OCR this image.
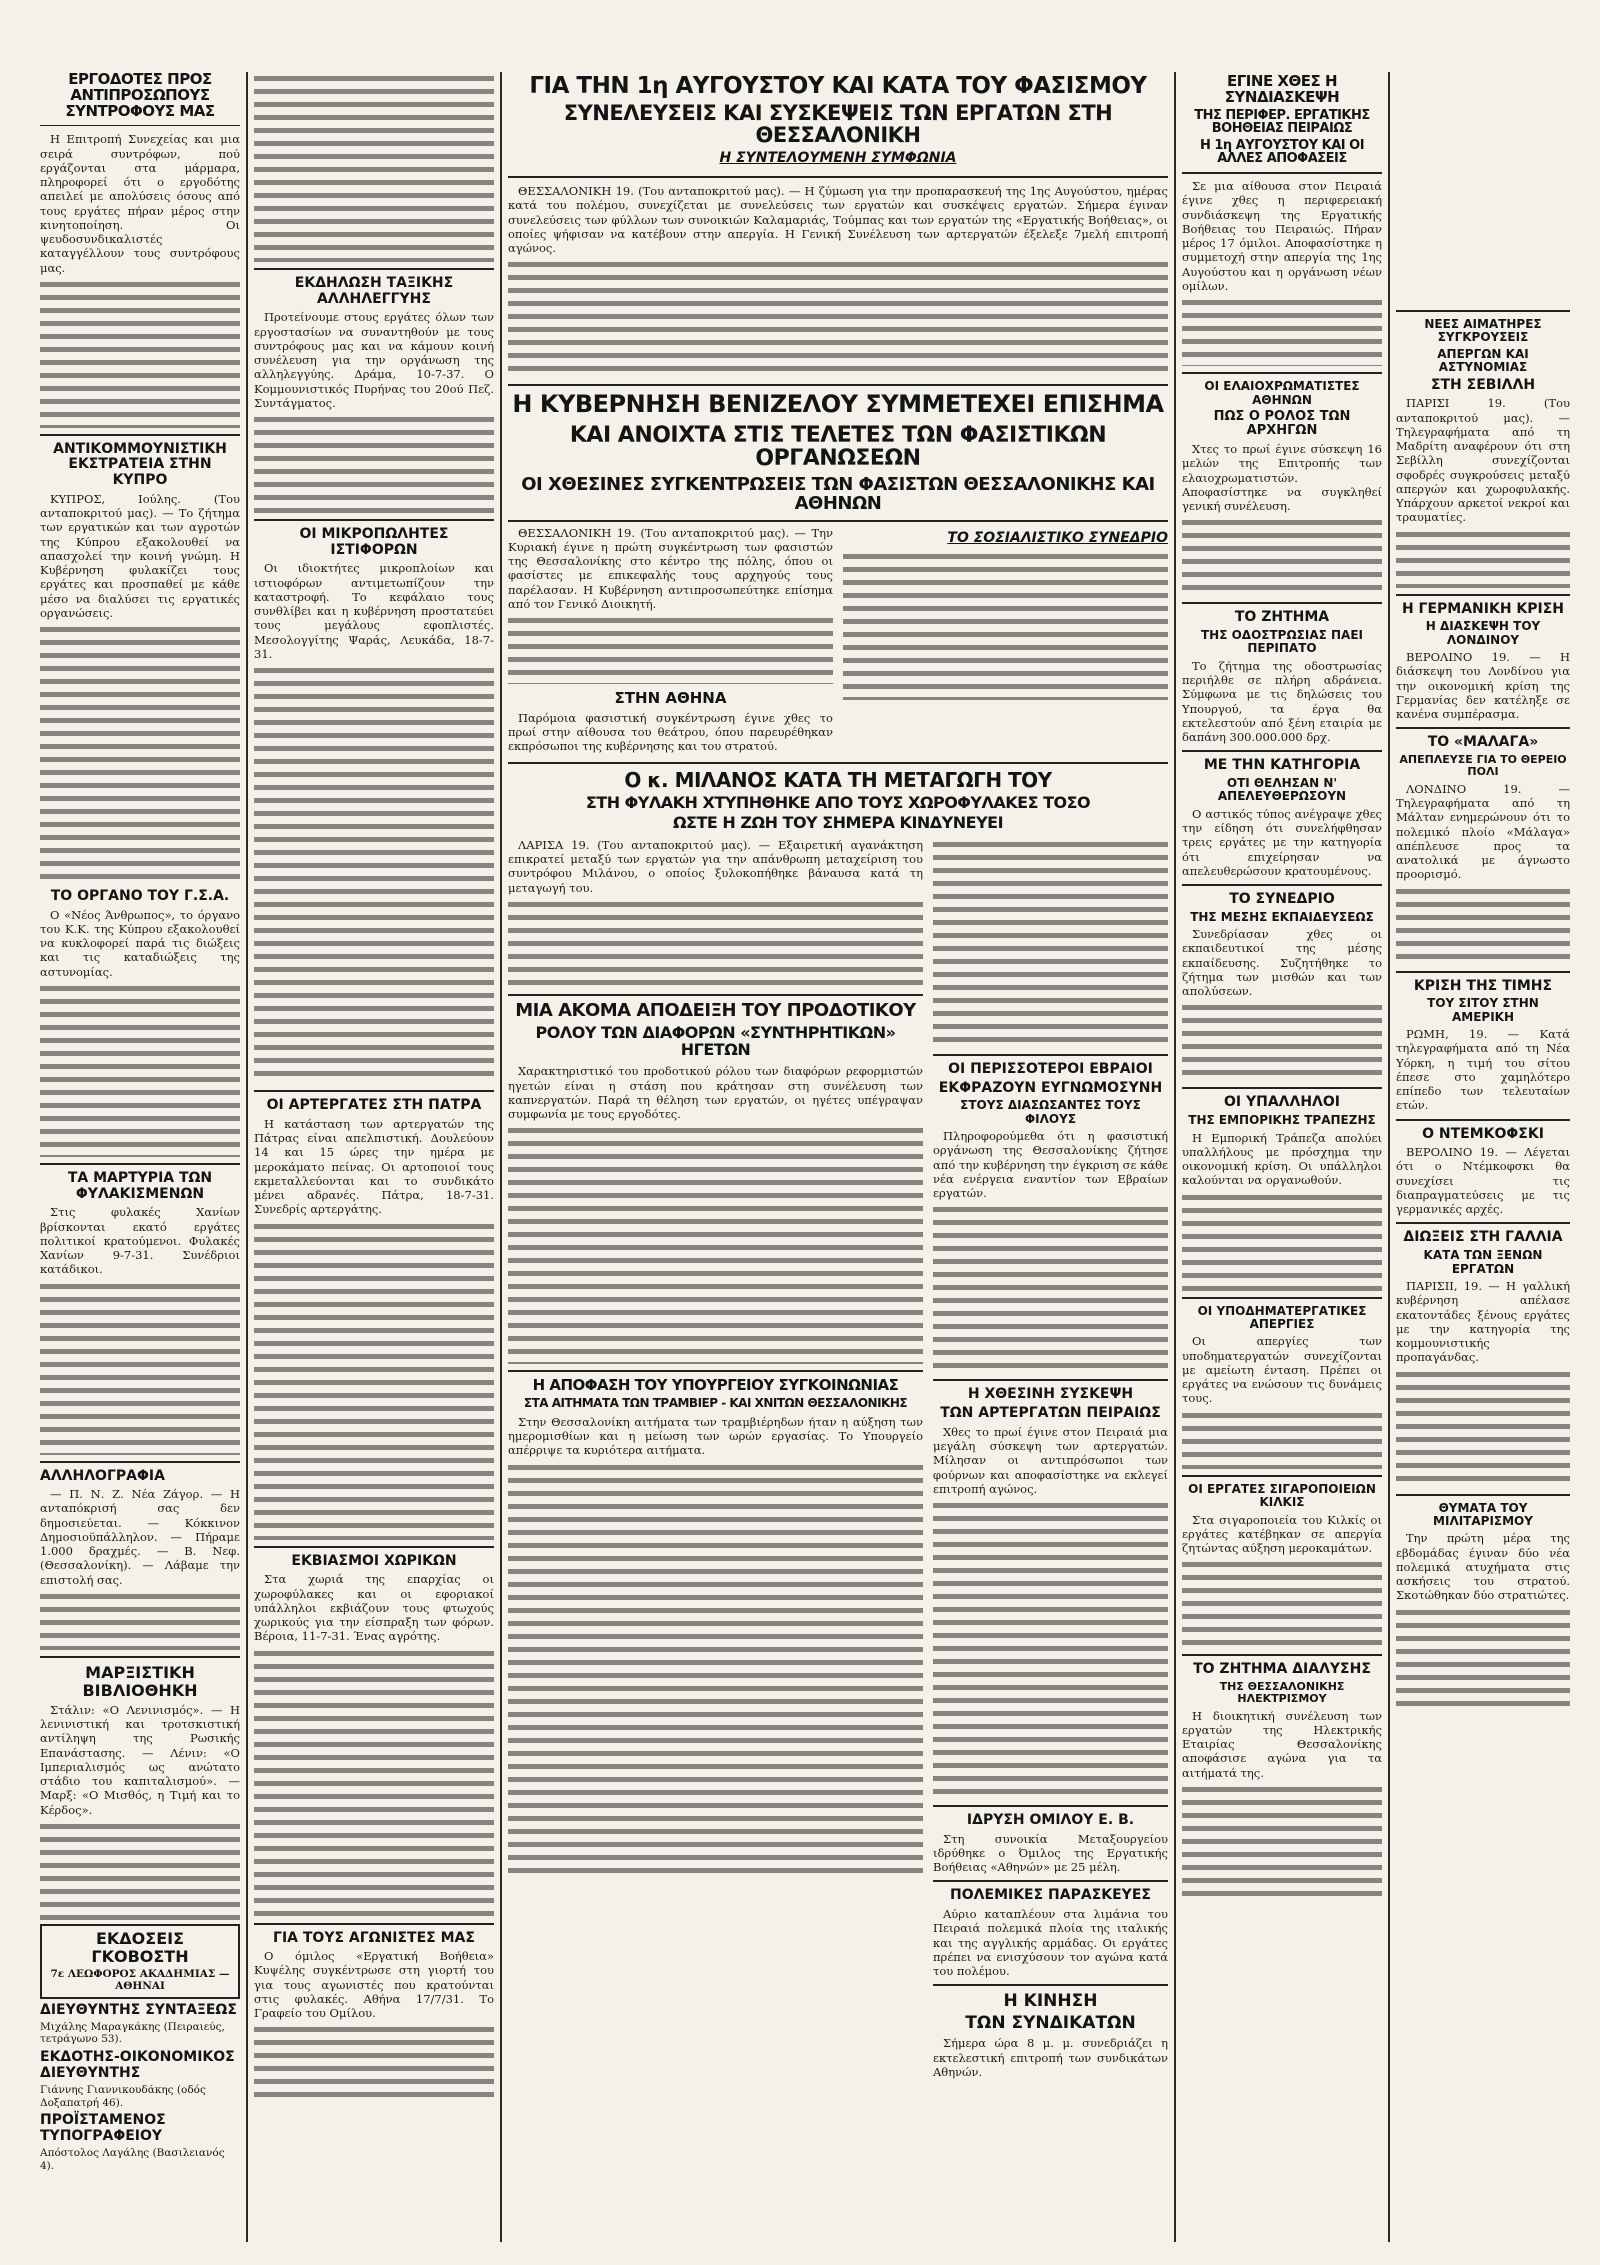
ΕΡΓΟΔΟΤΕΣ ΠΡΟΣ ΑΝΤΙΠΡΟΣΩΠΟΥΣ ΣΥΝΤΡΟΦΟΥΣ ΜΑΣ

Η Επιτροπή Συνεχείας και μια σειρά συντρόφων, πού εργάζονται στα μάρμαρα, πληροφορεί ότι ο εργοδότης απειλεί με απολύσεις όσους από τους εργάτες πήραν μέρος στην κινητοποίηση. Οι ψευδοσυνδικαλιστές καταγγέλλουν τους συντρόφους μας.

ΑΝΤΙΚΟΜΜΟΥΝΙΣΤΙΚΗ ΕΚΣΤΡΑΤΕΙΑ ΣΤΗΝ ΚΥΠΡΟ

ΚΥΠΡΟΣ, Ιούλης. (Του ανταποκριτού μας). — Το ζήτημα των εργατικών και των αγροτών της Κύπρου εξακολουθεί να απασχολεί την κοινή γνώμη. Η Κυβέρνηση φυλακίζει τους εργάτες και προσπαθεί με κάθε μέσο να διαλύσει τις εργατικές οργανώσεις.

ΤΟ ΟΡΓΑΝΟ ΤΟΥ Γ.Σ.Α.

Ο «Νέος Άνθρωπος», το όργανο του Κ.Κ. της Κύπρου εξακολουθεί να κυκλοφορεί παρά τις διώξεις και τις καταδιώξεις της αστυνομίας.

ΤΑ ΜΑΡΤΥΡΙΑ ΤΩΝ ΦΥΛΑΚΙΣΜΕΝΩΝ

Στις φυλακές Χανίων βρίσκονται εκατό εργάτες πολιτικοί κρατούμενοι. Φυλακές Χανίων 9-7-31. Συνέδριοι κατάδικοι.

ΑΛΛΗΛΟΓΡΑΦΙΑ

— Π. Ν. Ζ. Νέα Ζάγορ. — Η ανταπόκρισή σας δεν δημοσιεύεται. — Κόκκινον Δημοσιοϋπάλληλον. — Πήραμε 1.000 δραχμές. — Β. Νεφ. (Θεσσαλονίκη). — Λάβαμε την επιστολή σας.

ΜΑΡΞΙΣΤΙΚΗ ΒΙΒΛΙΟΘΗΚΗ

Στάλιν: «Ο Λενινισμός». — Η λενινιστική και τροτσκιστική αντίληψη της Ρωσικής Επανάστασης. — Λένιν: «Ο Ιμπεριαλισμός ως ανώτατο στάδιο του καπιταλισμού». — Μαρξ: «Ο Μισθός, η Τιμή και το Κέρδος».

ΕΚΔΟΣΕΙΣ ΓΚΟΒΟΣΤΗ
7ε ΛΕΩΦΟΡΟΣ ΑΚΑΔΗΜΙΑΣ — ΑΘΗΝΑΙ
ΔΙΕΥΘΥΝΤΗΣ ΣΥΝΤΑΞΕΩΣ
Μιχάλης Μαραγκάκης (Πειραιεύς, τετράγωνο 53).
ΕΚΔΟΤΗΣ-ΟΙΚΟΝΟΜΙΚΟΣ ΔΙΕΥΘΥΝΤΗΣ
Γιάννης Γιαννικουδάκης (οδός Δοξαπατρή 46).
ΠΡΟΪΣΤΑΜΕΝΟΣ ΤΥΠΟΓΡΑΦΕΙΟΥ
Απόστολος Λαγάλης (Βασιλειανός 4).
ΕΚΔΗΛΩΣΗ ΤΑΞΙΚΗΣ ΑΛΛΗΛΕΓΓΥΗΣ

Προτείνουμε στους εργάτες όλων των εργοστασίων να συναντηθούν με τους συντρόφους μας και να κάμουν κοινή συνέλευση για την οργάνωση της αλληλεγγύης. Δράμα, 10-7-37. Ο Κομμουνιστικός Πυρήνας του 20ού Πεζ. Συντάγματος.

ΟΙ ΜΙΚΡΟΠΩΛΗΤΕΣ ΙΣΤΙΦΟΡΩΝ

Οι ιδιοκτήτες μικροπλοίων και ιστιοφόρων αντιμετωπίζουν την καταστροφή. Το κεφάλαιο τους συνθλίβει και η κυβέρνηση προστατεύει τους μεγάλους εφοπλιστές. Μεσολογγίτης Ψαράς, Λευκάδα, 18-7-31.

ΟΙ ΑΡΤΕΡΓΑΤΕΣ ΣΤΗ ΠΑΤΡΑ

Η κατάσταση των αρτεργατών της Πάτρας είναι απελπιστική. Δουλεύουν 14 και 15 ώρες την ημέρα με μεροκάματο πείνας. Οι αρτοποιοί τους εκμεταλλεύονται και το συνδικάτο μένει αδρανές. Πάτρα, 18-7-31. Συνεδρίς αρτεργάτης.

ΕΚΒΙΑΣΜΟΙ ΧΩΡΙΚΩΝ

Στα χωριά της επαρχίας οι χωροφύλακες και οι εφοριακοί υπάλληλοι εκβιάζουν τους φτωχούς χωρικούς για την είσπραξη των φόρων. Βέροια, 11-7-31. Ένας αγρότης.

ΓΙΑ ΤΟΥΣ ΑΓΩΝΙΣΤΕΣ ΜΑΣ

Ο όμιλος «Εργατική Βοήθεια» Κυψέλης συγκέντρωσε στη γιορτή του για τους αγωνιστές που κρατούνται στις φυλακές. Αθήνα 17/7/31. Το Γραφείο του Ομίλου.

ΓΙΑ ΤΗΝ 1η ΑΥΓΟΥΣΤΟΥ ΚΑΙ ΚΑΤΑ ΤΟΥ ΦΑΣΙΣΜΟΥ
ΣΥΝΕΛΕΥΣΕΙΣ ΚΑΙ ΣΥΣΚΕΨΕΙΣ ΤΩΝ ΕΡΓΑΤΩΝ ΣΤΗ ΘΕΣΣΑΛΟΝΙΚΗ
Η ΣΥΝΤΕΛΟΥΜΕΝΗ ΣΥΜΦΩΝΙΑ

ΘΕΣΣΑΛΟΝΙΚΗ 19. (Του ανταποκριτού μας). — Η ζύμωση για την προπαρασκευή της 1ης Αυγούστου, ημέρας κατά του πολέμου, συνεχίζεται με συνελεύσεις των εργατών και συσκέψεις εργατών. Σήμερα έγιναν συνελεύσεις των φύλλων των συνοικιών Καλαμαριάς, Τούμπας και των εργατών της «Εργατικής Βοήθειας», οι οποίες ψήφισαν να κατέβουν στην απεργία. Η Γενική Συνέλευση των αρτεργατών έξελεξε 7μελή επιτροπή αγώνος.

Η ΚΥΒΕΡΝΗΣΗ ΒΕΝΙΖΕΛΟΥ ΣΥΜΜΕΤΕΧΕΙ ΕΠΙΣΗΜΑ
ΚΑΙ ΑΝΟΙΧΤΑ ΣΤΙΣ ΤΕΛΕΤΕΣ ΤΩΝ ΦΑΣΙΣΤΙΚΩΝ ΟΡΓΑΝΩΣΕΩΝ
ΟΙ ΧΘΕΣΙΝΕΣ ΣΥΓΚΕΝΤΡΩΣΕΙΣ ΤΩΝ ΦΑΣΙΣΤΩΝ ΘΕΣΣΑΛΟΝΙΚΗΣ ΚΑΙ ΑΘΗΝΩΝ

ΘΕΣΣΑΛΟΝΙΚΗ 19. (Του ανταποκριτού μας). — Την Κυριακή έγινε η πρώτη συγκέντρωση των φασιστών της Θεσσαλονίκης στο κέντρο της πόλης, όπου οι φασίστες με επικεφαλής τους αρχηγούς τους παρέλασαν. Η Κυβέρνηση αντιπροσωπεύτηκε επίσημα από τον Γενικό Διοικητή.

ΣΤΗΝ ΑΘΗΝΑ

Παρόμοια φασιστική συγκέντρωση έγινε χθες το πρωί στην αίθουσα του θεάτρου, όπου παρευρέθηκαν εκπρόσωποι της κυβέρνησης και του στρατού.

ΤΟ ΣΟΣΙΑΛΙΣΤΙΚΟ ΣΥΝΕΔΡΙΟ
Ο κ. ΜΙΛΑΝΟΣ ΚΑΤΑ ΤΗ ΜΕΤΑΓΩΓΗ ΤΟΥ
ΣΤΗ ΦΥΛΑΚΗ ΧΤΥΠΗΘΗΚΕ ΑΠΟ ΤΟΥΣ ΧΩΡΟΦΥΛΑΚΕΣ ΤΟΣΟ
ΩΣΤΕ Η ΖΩΗ ΤΟΥ ΣΗΜΕΡΑ ΚΙΝΔΥΝΕΥΕΙ

ΛΑΡΙΣΑ 19. (Του ανταποκριτού μας). — Εξαιρετική αγανάκτηση επικρατεί μεταξύ των εργατών για την απάνθρωπη μεταχείριση του συντρόφου Μιλάνου, ο οποίος ξυλοκοπήθηκε βάναυσα κατά τη μεταγωγή του.

ΜΙΑ ΑΚΟΜΑ ΑΠΟΔΕΙΞΗ ΤΟΥ ΠΡΟΔΟΤΙΚΟΥ
ΡΟΛΟΥ ΤΩΝ ΔΙΑΦΟΡΩΝ «ΣΥΝΤΗΡΗΤΙΚΩΝ» ΗΓΕΤΩΝ

Χαρακτηριστικό του προδοτικού ρόλου των διαφόρων ρεφορμιστών ηγετών είναι η στάση που κράτησαν στη συνέλευση των καπνεργατών. Παρά τη θέληση των εργατών, οι ηγέτες υπέγραψαν συμφωνία με τους εργοδότες.

Η ΑΠΟΦΑΣΗ ΤΟΥ ΥΠΟΥΡΓΕΙΟΥ ΣΥΓΚΟΙΝΩΝΙΑΣ
ΣΤΑ ΑΙΤΗΜΑΤΑ ΤΩΝ ΤΡΑΜΒΙΕΡ - ΚΑΙ ΧΝΙΤΩΝ ΘΕΣΣΑΛΟΝΙΚΗΣ

Στην Θεσσαλονίκη αιτήματα των τραμβιέρηδων ήταν η αύξηση των ημερομισθίων και η μείωση των ωρών εργασίας. Το Υπουργείο απέρριψε τα κυριότερα αιτήματα.

ΟΙ ΠΕΡΙΣΣΟΤΕΡΟΙ ΕΒΡΑΙΟΙ
ΕΚΦΡΑΖΟΥΝ ΕΥΓΝΩΜΟΣΥΝΗ
ΣΤΟΥΣ ΔΙΑΣΩΣΑΝΤΕΣ ΤΟΥΣ ΦΙΛΟΥΣ

Πληροφορούμεθα ότι η φασιστική οργάνωση της Θεσσαλονίκης ζήτησε από την κυβέρνηση την έγκριση σε κάθε νέα ενέργεια εναντίον των Εβραίων εργατών.

Η ΧΘΕΣΙΝΗ ΣΥΣΚΕΨΗ
ΤΩΝ ΑΡΤΕΡΓΑΤΩΝ ΠΕΙΡΑΙΩΣ

Χθες το πρωί έγινε στον Πειραιά μια μεγάλη σύσκεψη των αρτεργατών. Μίλησαν οι αντιπρόσωποι των φούρνων και αποφασίστηκε να εκλεγεί επιτροπή αγώνος.

ΙΔΡΥΣΗ ΟΜΙΛΟΥ Ε. Β.

Στη συνοικία Μεταξουργείου ιδρύθηκε ο Όμιλος της Εργατικής Βοήθειας «Αθηνών» με 25 μέλη.

ΠΟΛΕΜΙΚΕΣ ΠΑΡΑΣΚΕΥΕΣ

Αύριο καταπλέουν στα λιμάνια του Πειραιά πολεμικά πλοία της ιταλικής και της αγγλικής αρμάδας. Οι εργάτες πρέπει να ενισχύσουν τον αγώνα κατά του πολέμου.

Η ΚΙΝΗΣΗ
ΤΩΝ ΣΥΝΔΙΚΑΤΩΝ

Σήμερα ώρα 8 μ. μ. συνεδριάζει η εκτελεστική επιτροπή των συνδικάτων Αθηνών.

ΕΓΙΝΕ ΧΘΕΣ Η ΣΥΝΔΙΑΣΚΕΨΗ
ΤΗΣ ΠΕΡΙΦΕΡ. ΕΡΓΑΤΙΚΗΣ ΒΟΗΘΕΙΑΣ ΠΕΙΡΑΙΩΣ
Η 1η ΑΥΓΟΥΣΤΟΥ ΚΑΙ ΟΙ ΑΛΛΕΣ ΑΠΟΦΑΣΕΙΣ

Σε μια αίθουσα στον Πειραιά έγινε χθες η περιφερειακή συνδιάσκεψη της Εργατικής Βοήθειας του Πειραιώς. Πήραν μέρος 17 όμιλοι. Αποφασίστηκε η συμμετοχή στην απεργία της 1ης Αυγούστου και η οργάνωση νέων ομίλων.

ΟΙ ΕΛΑΙΟΧΡΩΜΑΤΙΣΤΕΣ ΑΘΗΝΩΝ
ΠΩΣ Ο ΡΟΛΟΣ ΤΩΝ ΑΡΧΗΓΩΝ

Χτες το πρωί έγινε σύσκεψη 16 μελών της Επιτροπής των ελαιοχρωματιστών. Αποφασίστηκε να συγκληθεί γενική συνέλευση.

ΤΟ ΖΗΤΗΜΑ
ΤΗΣ ΟΔΟΣΤΡΩΣΙΑΣ ΠΑΕΙ ΠΕΡΙΠΑΤΟ

Το ζήτημα της οδοστρωσίας περιήλθε σε πλήρη αδράνεια. Σύμφωνα με τις δηλώσεις του Υπουργού, τα έργα θα εκτελεστούν από ξένη εταιρία με δαπάνη 300.000.000 δρχ.

ΜΕ ΤΗΝ ΚΑΤΗΓΟΡΙΑ
ΟΤΙ ΘΕΛΗΣΑΝ Ν' ΑΠΕΛΕΥΘΕΡΩΣΟΥΝ

Ο αστικός τύπος ανέγραψε χθες την είδηση ότι συνελήφθησαν τρεις εργάτες με την κατηγορία ότι επιχείρησαν να απελευθερώσουν κρατουμένους.

ΤΟ ΣΥΝΕΔΡΙΟ
ΤΗΣ ΜΕΣΗΣ ΕΚΠΑΙΔΕΥΣΕΩΣ

Συνεδρίασαν χθες οι εκπαιδευτικοί της μέσης εκπαίδευσης. Συζητήθηκε το ζήτημα των μισθών και των απολύσεων.

ΟΙ ΥΠΑΛΛΗΛΟΙ
ΤΗΣ ΕΜΠΟΡΙΚΗΣ ΤΡΑΠΕΖΗΣ

Η Εμπορική Τράπεζα απολύει υπαλλήλους με πρόσχημα την οικονομική κρίση. Οι υπάλληλοι καλούνται να οργανωθούν.

ΟΙ ΥΠΟΔΗΜΑΤΕΡΓΑΤΙΚΕΣ ΑΠΕΡΓΙΕΣ

Οι απεργίες των υποδηματεργατών συνεχίζονται με αμείωτη ένταση. Πρέπει οι εργάτες να ενώσουν τις δυνάμεις τους.

ΟΙ ΕΡΓΑΤΕΣ ΣΙΓΑΡΟΠΟΙΕΙΩΝ ΚΙΛΚΙΣ

Στα σιγαροποιεία του Κιλκίς οι εργάτες κατέβηκαν σε απεργία ζητώντας αύξηση μεροκαμάτων.

ΤΟ ΖΗΤΗΜΑ ΔΙΑΛΥΣΗΣ
ΤΗΣ ΘΕΣΣΑΛΟΝΙΚΗΣ ΗΛΕΚΤΡΙΣΜΟΥ

Η διοικητική συνέλευση των εργατών της Ηλεκτρικής Εταιρίας Θεσσαλονίκης αποφάσισε αγώνα για τα αιτήματά της.

ΝΕΕΣ ΑΙΜΑΤΗΡΕΣ ΣΥΓΚΡΟΥΣΕΙΣ
ΑΠΕΡΓΩΝ ΚΑΙ ΑΣΤΥΝΟΜΙΑΣ
ΣΤΗ ΣΕΒΙΛΛΗ

ΠΑΡΙΣΙ 19. (Του ανταποκριτού μας). — Τηλεγραφήματα από τη Μαδρίτη αναφέρουν ότι στη Σεβίλλη συνεχίζονται σφοδρές συγκρούσεις μεταξύ απεργών και χωροφυλακής. Υπάρχουν αρκετοί νεκροί και τραυματίες.

Η ΓΕΡΜΑΝΙΚΗ ΚΡΙΣΗ
Η ΔΙΑΣΚΕΨΗ ΤΟΥ ΛΟΝΔΙΝΟΥ

ΒΕΡΟΛΙΝΟ 19. — Η διάσκεψη του Λονδίνου για την οικονομική κρίση της Γερμανίας δεν κατέληξε σε κανένα συμπέρασμα.

ΤΟ «ΜΑΛΑΓΑ»
ΑΠΕΠΛΕΥΣΕ ΓΙΑ ΤΟ ΘΕΡΕΙΟ ΠΟΛΙ

ΛΟΝΔΙΝΟ 19. — Τηλεγραφήματα από τη Μάλταν ενημερώνουν ότι το πολεμικό πλοίο «Μάλαγα» απέπλευσε προς τα ανατολικά με άγνωστο προορισμό.

ΚΡΙΣΗ ΤΗΣ ΤΙΜΗΣ
ΤΟΥ ΣΙΤΟΥ ΣΤΗΝ ΑΜΕΡΙΚΗ

ΡΩΜΗ, 19. — Κατά τηλεγραφήματα από τη Νέα Υόρκη, η τιμή του σίτου έπεσε στο χαμηλότερο επίπεδο των τελευταίων ετών.

Ο ΝΤΕΜΚΟΦΣΚΙ

ΒΕΡΟΛΙΝΟ 19. — Λέγεται ότι ο Ντέμκοφσκι θα συνεχίσει τις διαπραγματεύσεις με τις γερμανικές αρχές.

ΔΙΩΞΕΙΣ ΣΤΗ ΓΑΛΛΙΑ
ΚΑΤΑ ΤΩΝ ΞΕΝΩΝ ΕΡΓΑΤΩΝ

ΠΑΡΙΣΙΙ, 19. — Η γαλλική κυβέρνηση απέλασε εκατοντάδες ξένους εργάτες με την κατηγορία της κομμουνιστικής προπαγάνδας.

ΘΥΜΑΤΑ ΤΟΥ ΜΙΛΙΤΑΡΙΣΜΟΥ

Την πρώτη μέρα της εβδομάδας έγιναν δύο νέα πολεμικά ατυχήματα στις ασκήσεις του στρατού. Σκοτώθηκαν δύο στρατιώτες.
